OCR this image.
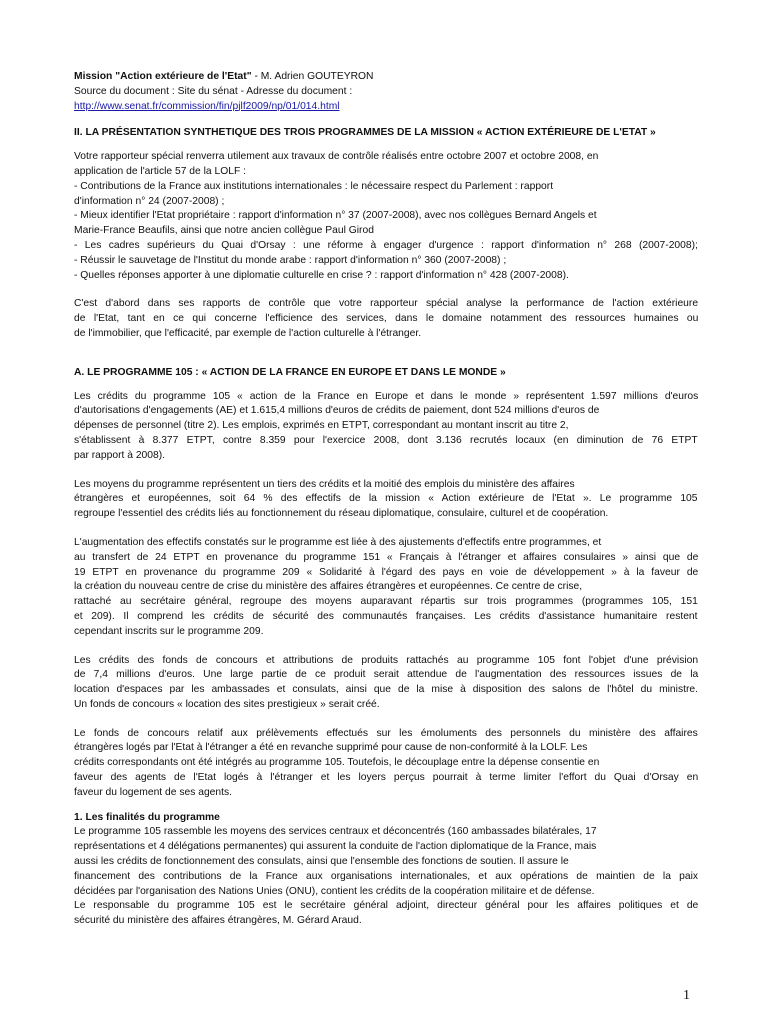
Mission "Action extérieure de l'Etat" - M. Adrien GOUTEYRON
Source du document : Site du sénat - Adresse du document :
http://www.senat.fr/commission/fin/pjlf2009/np/01/014.html
II. LA PRÉSENTATION SYNTHETIQUE DES TROIS PROGRAMMES DE LA MISSION « ACTION EXTÉRIEURE DE L'ETAT »

Votre rapporteur spécial renverra utilement aux travaux de contrôle réalisés entre octobre 2007 et octobre 2008, en
application de l'article 57 de la LOLF :
- Contributions de la France aux institutions internationales : le nécessaire respect du Parlement : rapport
d'information n° 24 (2007-2008) ;
- Mieux identifier l'Etat propriétaire : rapport d'information n° 37 (2007-2008), avec nos collègues Bernard Angels et
Marie-France Beaufils, ainsi que notre ancien collègue Paul Girod
- Les cadres supérieurs du Quai d'Orsay : une réforme à engager d'urgence : rapport d'information n° 268 (2007-2008);
- Réussir le sauvetage de l'Institut du monde arabe : rapport d'information n° 360 (2007-2008) ;
- Quelles réponses apporter à une diplomatie culturelle en crise ? : rapport d'information n° 428 (2007-2008).

C'est d'abord dans ses rapports de contrôle que votre rapporteur spécial analyse la performance de l'action extérieure
de l'Etat, tant en ce qui concerne l'efficience des services, dans le domaine notamment des ressources humaines ou
de l'immobilier, que l'efficacité, par exemple de l'action culturelle à l'étranger.

A. LE PROGRAMME 105 : « ACTION DE LA FRANCE EN EUROPE ET DANS LE MONDE »

Les crédits du programme 105 « action de la France en Europe et dans le monde » représentent 1.597 millions d'euros
d'autorisations d'engagements (AE) et 1.615,4 millions d'euros de crédits de paiement, dont 524 millions d'euros de
dépenses de personnel (titre 2). Les emplois, exprimés en ETPT, correspondant au montant inscrit au titre 2,
s'établissent à 8.377 ETPT, contre 8.359 pour l'exercice 2008, dont 3.136 recrutés locaux (en diminution de 76 ETPT
par rapport à 2008).

Les moyens du programme représentent un tiers des crédits et la moitié des emplois du ministère des affaires
étrangères et européennes, soit 64 % des effectifs de la mission « Action extérieure de l'Etat ». Le programme 105
regroupe l'essentiel des crédits liés au fonctionnement du réseau diplomatique, consulaire, culturel et de coopération.

L'augmentation des effectifs constatés sur le programme est liée à des ajustements d'effectifs entre programmes, et
au transfert de 24 ETPT en provenance du programme 151 « Français à l'étranger et affaires consulaires » ainsi que de
19 ETPT en provenance du programme 209 « Solidarité à l'égard des pays en voie de développement » à la faveur de
la création du nouveau centre de crise du ministère des affaires étrangères et européennes. Ce centre de crise,
rattaché au secrétaire général, regroupe des moyens auparavant répartis sur trois programmes (programmes 105, 151
et 209). Il comprend les crédits de sécurité des communautés françaises. Les crédits d'assistance humanitaire restent
cependant inscrits sur le programme 209.

Les crédits des fonds de concours et attributions de produits rattachés au programme 105 font l'objet d'une prévision
de 7,4 millions d'euros. Une large partie de ce produit serait attendue de l'augmentation des ressources issues de la
location d'espaces par les ambassades et consulats, ainsi que de la mise à disposition des salons de l'hôtel du ministre.
Un fonds de concours « location des sites prestigieux » serait créé.

Le fonds de concours relatif aux prélèvements effectués sur les émoluments des personnels du ministère des affaires
étrangères logés par l'Etat à l'étranger a été en revanche supprimé pour cause de non-conformité à la LOLF. Les
crédits correspondants ont été intégrés au programme 105. Toutefois, le découplage entre la dépense consentie en
faveur des agents de l'Etat logés à l'étranger et les loyers perçus pourrait à terme limiter l'effort du Quai d'Orsay en
faveur du logement de ses agents.

1. Les finalités du programme

Le programme 105 rassemble les moyens des services centraux et déconcentrés (160 ambassades bilatérales, 17
représentations et 4 délégations permanentes) qui assurent la conduite de l'action diplomatique de la France, mais
aussi les crédits de fonctionnement des consulats, ainsi que l'ensemble des fonctions de soutien. Il assure le
financement des contributions de la France aux organisations internationales, et aux opérations de maintien de la paix
décidées par l'organisation des Nations Unies (ONU), contient les crédits de la coopération militaire et de défense.
Le responsable du programme 105 est le secrétaire général adjoint, directeur général pour les affaires politiques et de
sécurité du ministère des affaires étrangères, M. Gérard Araud.

1
